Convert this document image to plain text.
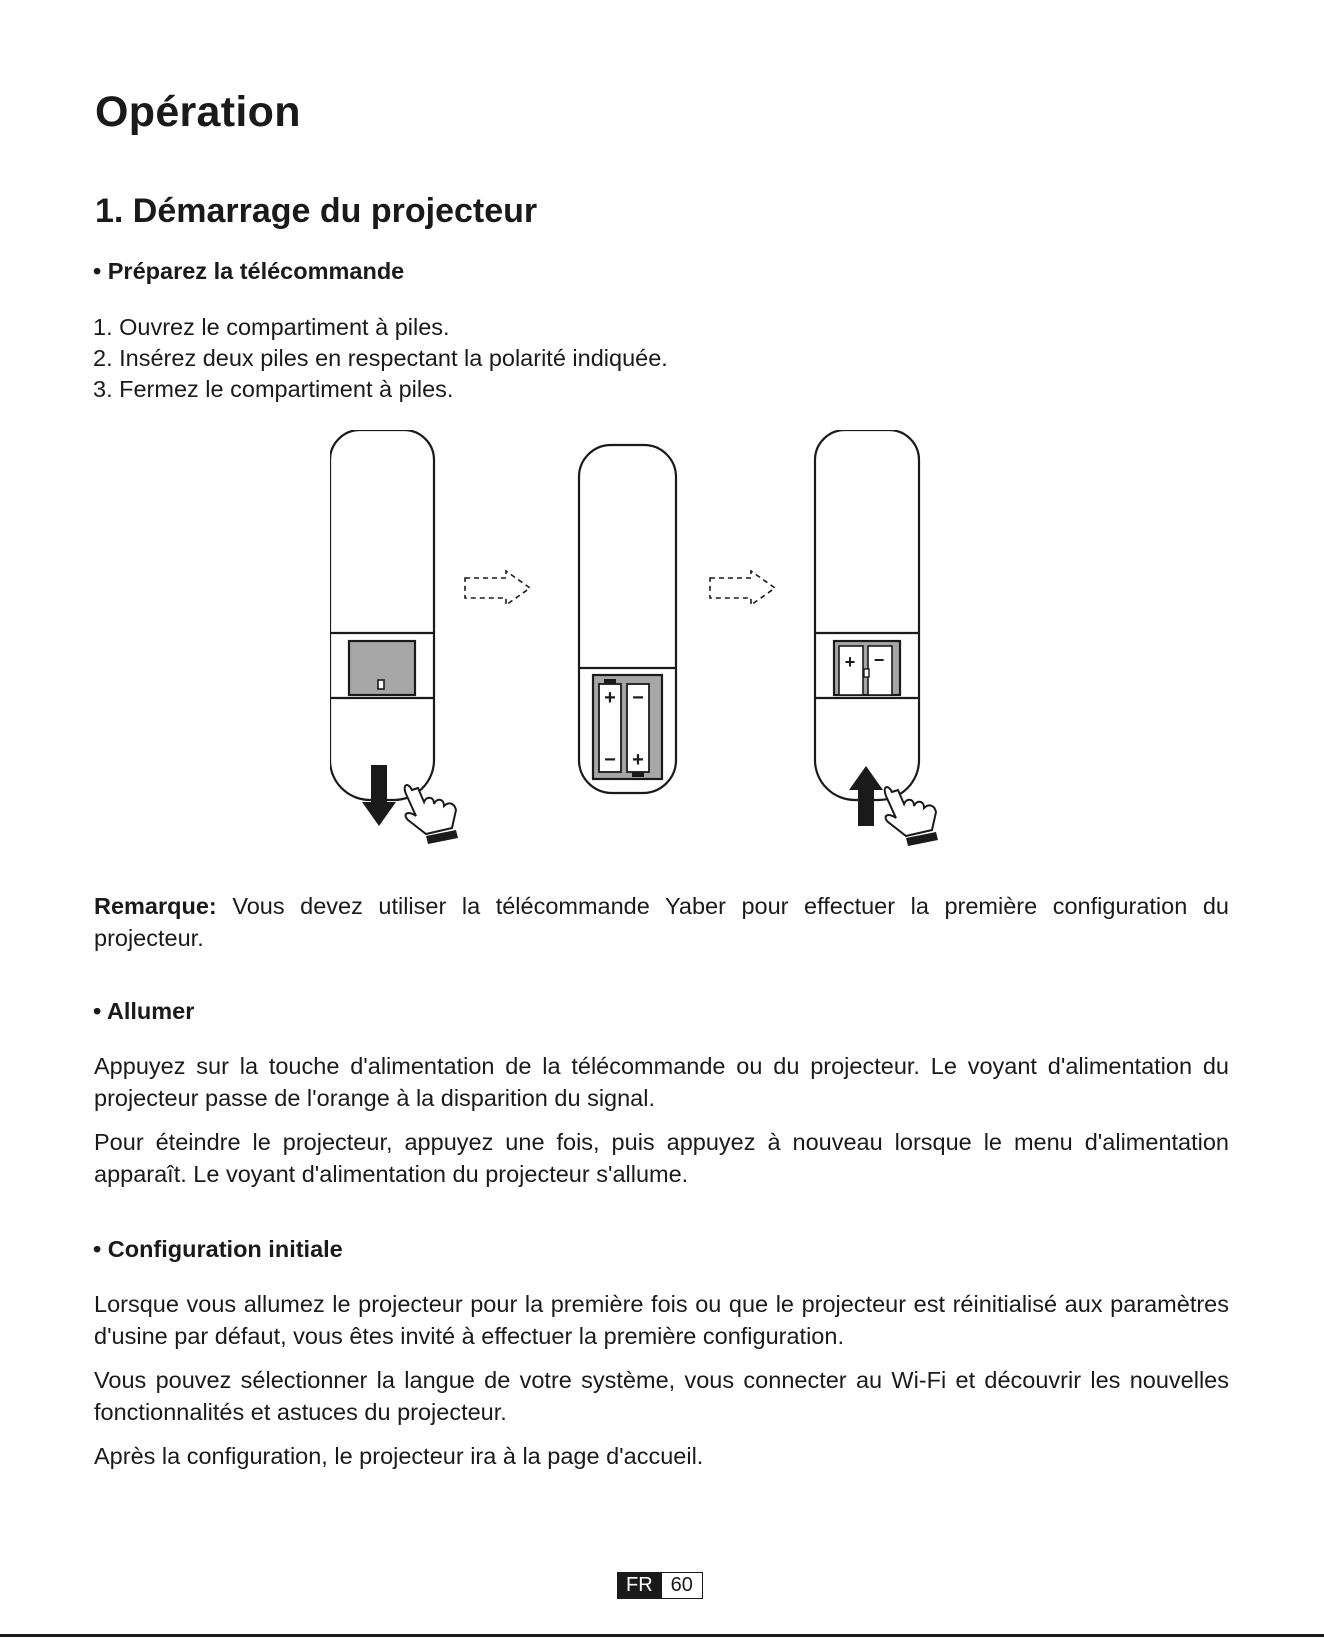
Opération
1. Démarrage du projecteur
• Préparez la télécommande
1. Ouvrez le compartiment à piles.
2. Insérez deux piles en respectant la polarité indiquée.
3. Fermez le compartiment à piles.
+ −
− +
+ −

Remarque: Vous devez utiliser la télécommande Yaber pour effectuer la première configuration du projecteur.

• Allumer

Appuyez sur la touche d'alimentation de la télécommande ou du projecteur. Le voyant d'alimentation du projecteur passe de l'orange à la disparition du signal.

Pour éteindre le projecteur, appuyez une fois, puis appuyez à nouveau lorsque le menu d'alimentation apparaît. Le voyant d'alimentation du projecteur s'allume.

• Configuration initiale

Lorsque vous allumez le projecteur pour la première fois ou que le projecteur est réinitialisé aux paramètres d'usine par défaut, vous êtes invité à effectuer la première configuration.

Vous pouvez sélectionner la langue de votre système, vous connecter au Wi-Fi et découvrir les nouvelles fonctionnalités et astuces du projecteur.

Après la configuration, le projecteur ira à la page d'accueil.

FR 60
